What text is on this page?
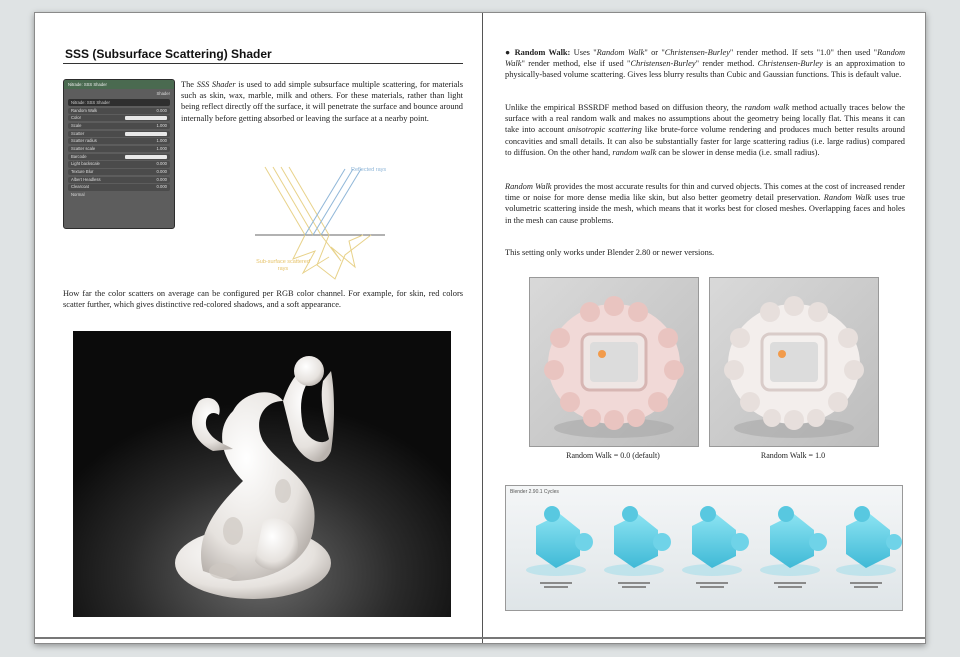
SSS (Subsurface Scattering) Shader
Nitrade: SSS Shader
Shader
Nitrade: SSS Shader
Random Walk	0.000
Color
Scale	1.000
Scatter
Scatter radius	1.000
Scatter scale	1.000
Barcode
Light backscale	0.000
Texture Blur	0.000
Albert Headless	0.000
Clearcoat	0.000
Normal

The SSS Shader is used to add simple subsurface multiple scattering, for materials such as skin, wax, marble, milk and others. For these materials, rather than light being reflect directly off the surface, it will penetrate the surface and bounce around internally before getting absorbed or leaving the surface at a nearby point.

Reflected rays
Sub-surface scattered rays

How far the color scatters on average can be configured per RGB color channel. For example, for skin, red colors scatter further, which gives distinctive red-colored shadows, and a soft appearance.

● Random Walk: Uses "Random Walk" or "Christensen-Burley" render method. If sets "1.0" then used "Random Walk" render method, else if used "Christensen-Burley" render method. Christensen-Burley is an approximation to physically-based volume scattering. Gives less blurry results than Cubic and Gaussian functions. This is default value.

Unlike the empirical BSSRDF method based on diffusion theory, the random walk method actually traces below the surface with a real random walk and makes no assumptions about the geometry being locally flat. This means it can take into account anisotropic scattering like brute-force volume rendering and produces much better results around concavities and small details. It can also be substantially faster for large scattering radius (i.e. large radius) compared to diffusion. On the other hand, random walk can be slower in dense media (i.e. small radius).

Random Walk provides the most accurate results for thin and curved objects. This comes at the cost of increased render time or noise for more dense media like skin, but also better geometry detail preservation. Random Walk uses true volumetric scattering inside the mesh, which means that it works best for closed meshes. Overlapping faces and holes in the mesh can cause problems.

This setting only works under Blender 2.80 or newer versions.

Random Walk = 0.0 (default)	Random Walk = 1.0
Blender 2.90.1 Cycles
